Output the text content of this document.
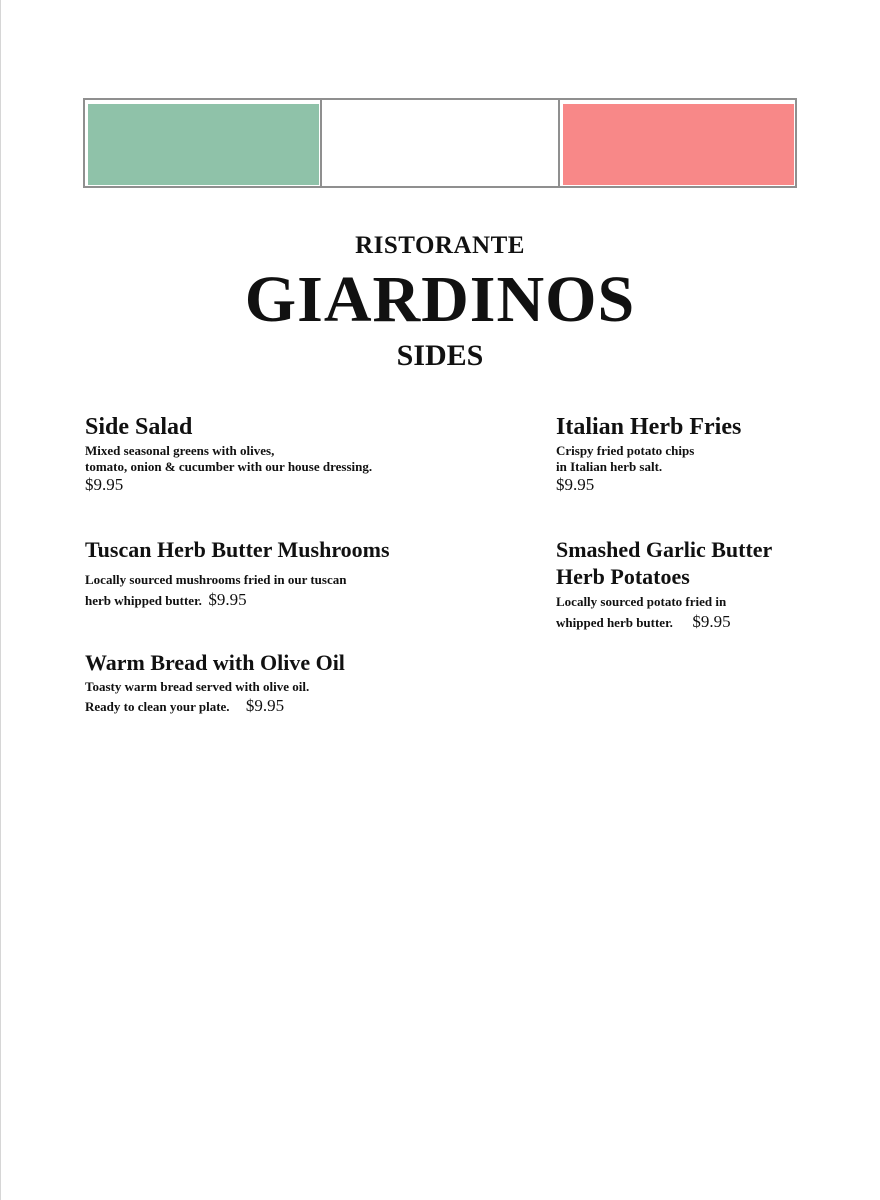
RISTORANTE
GIARDINOS
SIDES
Side Salad
Mixed seasonal greens with olives,
tomato, onion & cucumber with our house dressing.
$9.95
Italian Herb Fries
Crispy fried potato chips
in Italian herb salt.
$9.95
Tuscan Herb Butter Mushrooms
Locally sourced mushrooms fried in our tuscan
herb whipped butter. $9.95
Smashed Garlic Butter
Herb Potatoes
Locally sourced potato fried in
whipped herb butter. $9.95
Warm Bread with Olive Oil
Toasty warm bread served with olive oil.
Ready to clean your plate. $9.95
